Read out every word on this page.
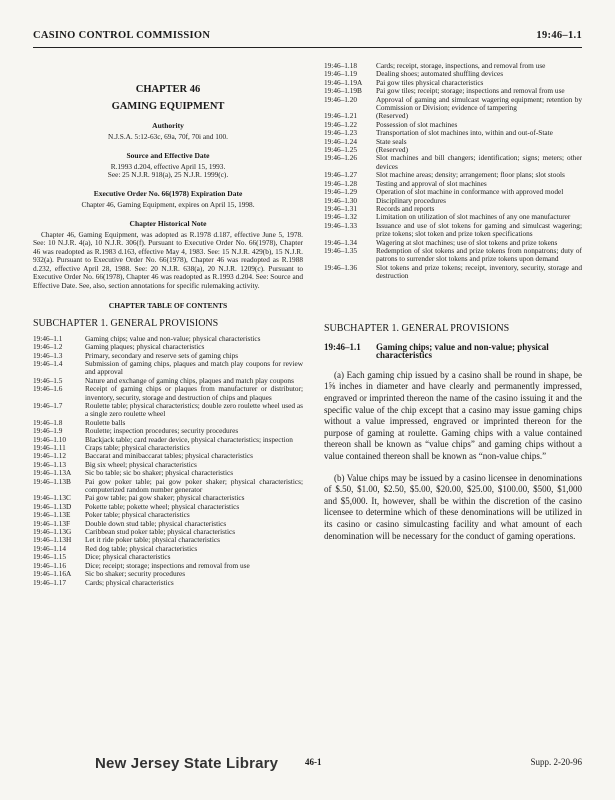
CASINO CONTROL COMMISSION	19:46–1.1
CHAPTER 46
GAMING EQUIPMENT
Authority
N.J.S.A. 5:12-63c, 69a, 70f, 70i and 100.
Source and Effective Date
R.1993 d.204, effective April 15, 1993.
See: 25 N.J.R. 918(a), 25 N.J.R. 1999(c).
Executive Order No. 66(1978) Expiration Date
Chapter 46, Gaming Equipment, expires on April 15, 1998.
Chapter Historical Note
Chapter 46, Gaming Equipment, was adopted as R.1978 d.187, effective June 5, 1978. See: 10 N.J.R. 4(a), 10 N.J.R. 306(f). Pursuant to Executive Order No. 66(1978), Chapter 46 was readopted as R.1983 d.163, effective May 4, 1983. See: 15 N.J.R. 429(b), 15 N.J.R. 932(a). Pursuant to Executive Order No. 66(1978), Chapter 46 was readopted as R.1988 d.232, effective April 28, 1988. See: 20 N.J.R. 638(a), 20 N.J.R. 1209(c). Pursuant to Executive Order No. 66(1978), Chapter 46 was readopted as R.1993 d.204. See: Source and Effective Date. See, also, section annotations for specific rulemaking activity.
CHAPTER TABLE OF CONTENTS
SUBCHAPTER 1. GENERAL PROVISIONS
19:46–1.1	Gaming chips; value and non-value; physical characteristics
19:46–1.2	Gaming plaques; physical characteristics
19:46–1.3	Primary, secondary and reserve sets of gaming chips
19:46–1.4	Submission of gaming chips, plaques and match play coupons for review and approval
19:46–1.5	Nature and exchange of gaming chips, plaques and match play coupons
19:46–1.6	Receipt of gaming chips or plaques from manufacturer or distributor; inventory, security, storage and destruction of chips and plaques
19:46–1.7	Roulette table; physical characteristics; double zero roulette wheel used as a single zero roulette wheel
19:46–1.8	Roulette balls
19:46–1.9	Roulette; inspection procedures; security procedures
19:46–1.10	Blackjack table; card reader device, physical characteristics; inspection
19:46–1.11	Craps table; physical characteristics
19:46–1.12	Baccarat and minibaccarat tables; physical characteristics
19:46–1.13	Big six wheel; physical characteristics
19:46–1.13A	Sic bo table; sic bo shaker; physical characteristics
19:46–1.13B	Pai gow poker table; pai gow poker shaker; physical characteristics; computerized random number generator
19:46–1.13C	Pai gow table; pai gow shaker; physical characteristics
19:46–1.13D	Pokette table; pokette wheel; physical characteristics
19:46–1.13E	Poker table; physical characteristics
19:46–1.13F	Double down stud table; physical characteristics
19:46–1.13G	Caribbean stud poker table; physical characteristics
19:46–1.13H	Let it ride poker table; physical characteristics
19:46–1.14	Red dog table; physical characteristics
19:46–1.15	Dice; physical characteristics
19:46–1.16	Dice; receipt; storage; inspections and removal from use
19:46–1.16A	Sic bo shaker; security procedures
19:46–1.17	Cards; physical characteristics
19:46–1.18	Cards; receipt, storage, inspections, and removal from use
19:46–1.19	Dealing shoes; automated shuffling devices
19:46–1.19A	Pai gow tiles physical characteristics
19:46–1.19B	Pai gow tiles; receipt; storage; inspections and removal from use
19:46–1.20	Approval of gaming and simulcast wagering equipment; retention by Commission or Division; evidence of tampering
19:46–1.21	(Reserved)
19:46–1.22	Possession of slot machines
19:46–1.23	Transportation of slot machines into, within and out-of-State
19:46–1.24	State seals
19:46–1.25	(Reserved)
19:46–1.26	Slot machines and bill changers; identification; signs; meters; other devices
19:46–1.27	Slot machine areas; density; arrangement; floor plans; slot stools
19:46–1.28	Testing and approval of slot machines
19:46–1.29	Operation of slot machine in conformance with approved model
19:46–1.30	Disciplinary procedures
19:46–1.31	Records and reports
19:46–1.32	Limitation on utilization of slot machines of any one manufacturer
19:46–1.33	Issuance and use of slot tokens for gaming and simulcast wagering; prize tokens; slot token and prize token specifications
19:46–1.34	Wagering at slot machines; use of slot tokens and prize tokens
19:46–1.35	Redemption of slot tokens and prize tokens from nonpatrons; duty of patrons to surrender slot tokens and prize tokens upon demand
19:46–1.36	Slot tokens and prize tokens; receipt, inventory, security, storage and destruction
SUBCHAPTER 1. GENERAL PROVISIONS
19:46–1.1	Gaming chips; value and non-value; physical characteristics
(a) Each gaming chip issued by a casino shall be round in shape, be 1⅝ inches in diameter and have clearly and permanently impressed, engraved or imprinted thereon the name of the casino issuing it and the specific value of the chip except that a casino may issue gaming chips without a value impressed, engraved or imprinted thereon for the purpose of gaming at roulette. Gaming chips with a value contained thereon shall be known as “value chips” and gaming chips without a value contained thereon shall be known as “non-value chips.”
(b) Value chips may be issued by a casino licensee in denominations of $.50, $1.00, $2.50, $5.00, $20.00, $25.00, $100.00, $500, $1,000 and $5,000. It, however, shall be within the discretion of the casino licensee to determine which of these denominations will be utilized in its casino or casino simulcasting facility and what amount of each denomination will be necessary for the conduct of gaming operations.
New Jersey State Library	46-1	Supp. 2-20-96
